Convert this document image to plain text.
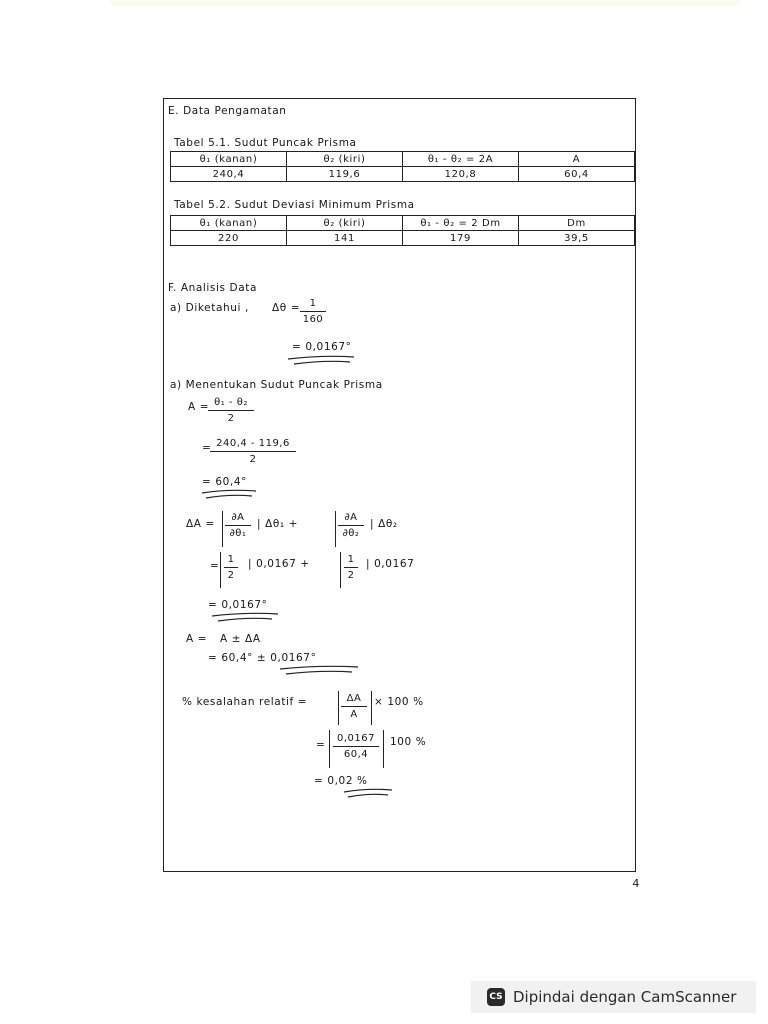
E. Data Pengamatan
Tabel 5.1. Sudut Puncak Prisma
θ₁ (kanan)	θ₂ (kiri)	θ₁ - θ₂ = 2A	A
240,4	119,6	120,8	60,4
Tabel 5.2. Sudut Deviasi Minimum Prisma
θ₁ (kanan)	θ₂ (kiri)	θ₁ - θ₂ = 2 Dm	Dm
220	141	179	39,5
F. Analisis Data
a) Diketahui , Δθ = 1
160
= 0,0167°
a) Menentukan Sudut Puncak Prisma
A = θ₁ - θ₂
2
= 240,4 - 119,6
2
= 60,4°
ΔA =
∂A
∂θ₁
| Δθ₁ +
∂A
∂θ₂
| Δθ₂
=
1
2
| 0,0167 +	1
2
| 0,0167
= 0,0167°
A = A ± ΔA
= 60,4° ± 0,0167°
% kesalahan relatif =	ΔA
A
× 100 %
=
0,0167
60,4
100 %
= 0,02 %
4
CS Dipindai dengan CamScanner
